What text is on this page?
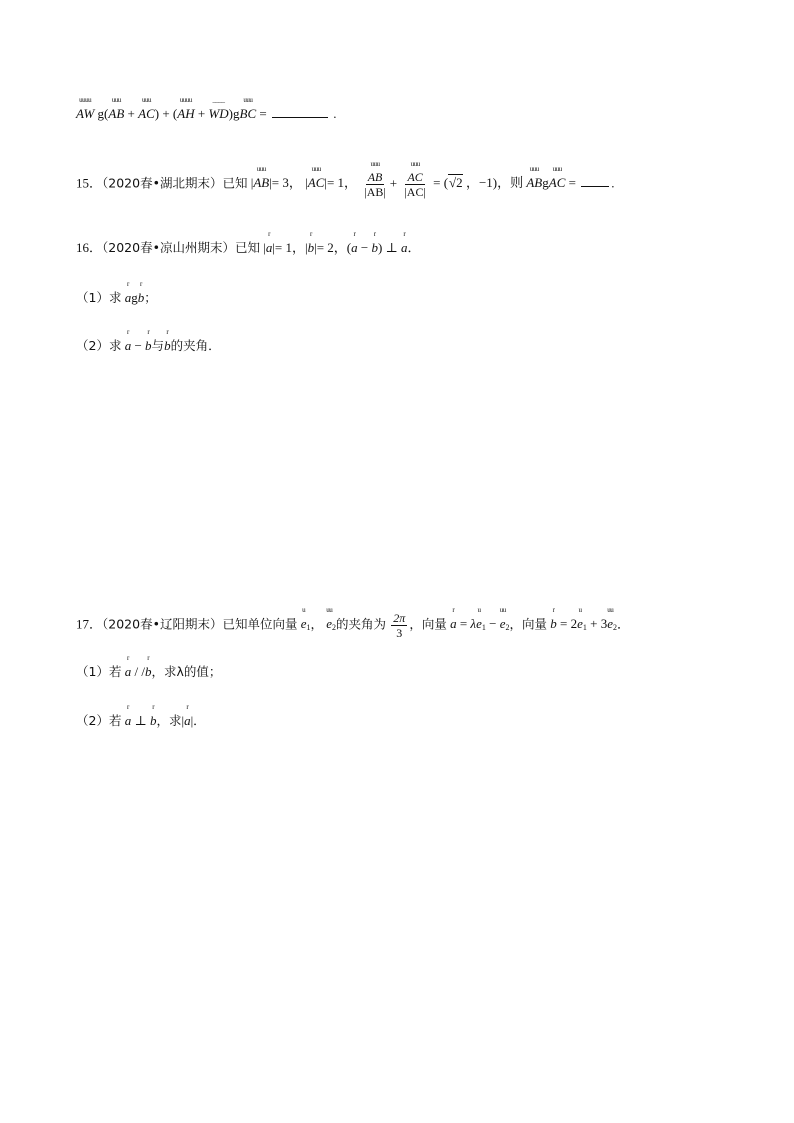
uuuu AW g(uuu AB + uuu AC) + (uuuu AH + ____ WD)guuu BC =	.
15．（2020春•湖北期末）已知 |uuu AB|= 3， |uuu AC|= 1， uuu $\frac{AB}{|AB|}$ + uuu $\frac{AC}{|AC|} = (√2$ ，−1)，则 uuu ABguuu AC =	.
16．（2020春•凉山州期末）已知 |r a|= 1，|r b|= 2，(r a − r b) ⊥ r a．
（1）求 r agr b；
（2）求 r a − r b与r b的夹角．
17．（2020春•辽阳期末）已知单位向量 u $e_1$， uu $e_2$的夹角为 $\frac{2\pi}{3}$ ，向量 r a = λu $e_1$ − uu $e_2$，向量 r b = 2u $e_1 + 3uu$ $e_2$．
（1）若 r a / /r b，求λ的值；
（2）若 r a ⊥ r b，求|r a|．
